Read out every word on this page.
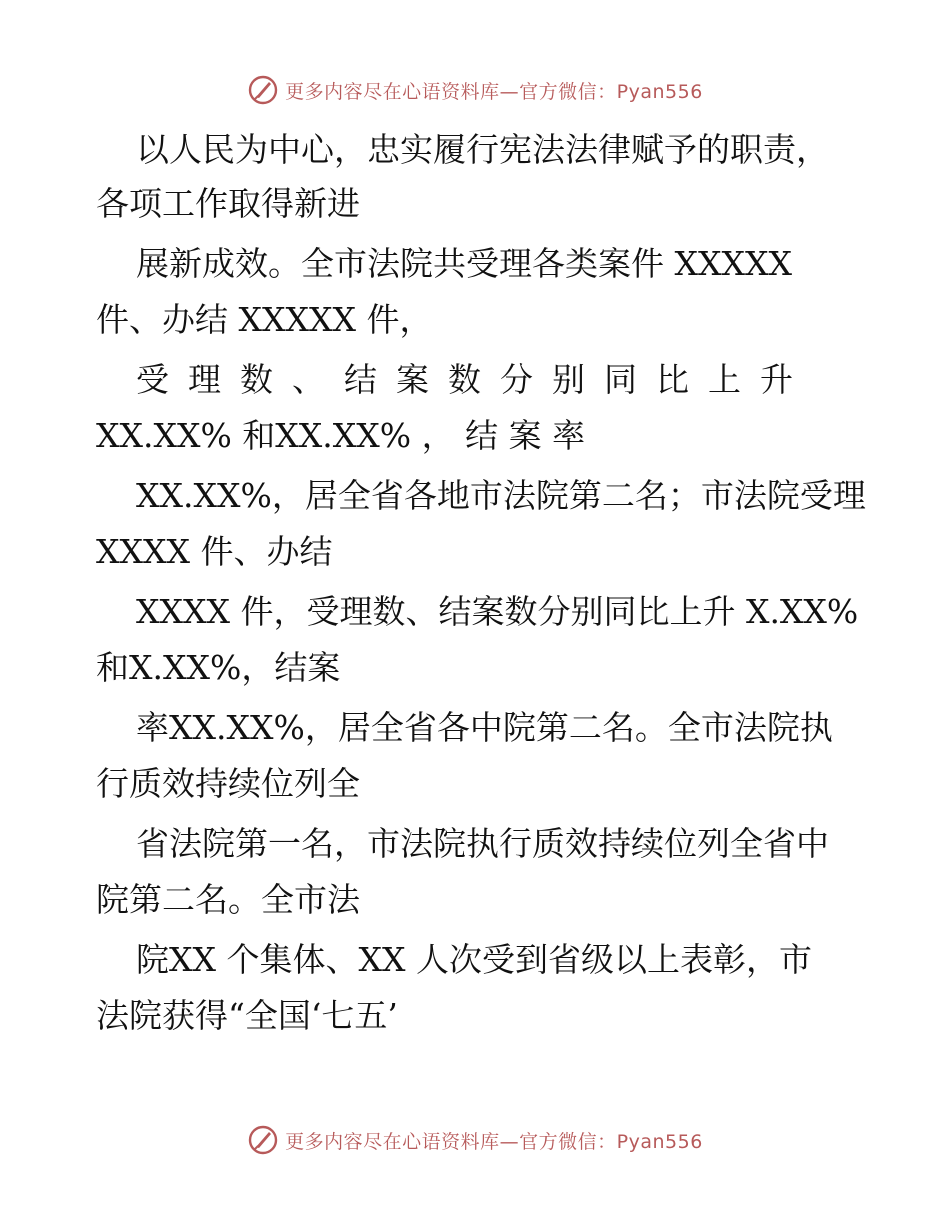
更多内容尽在心语资料库—官方微信：Pyan556
以人民为中心，忠实履行宪法法律赋予的职责，
各项工作取得新进
展新成效。全市法院共受理各类案件 XXXXX
件、办结 XXXXX 件，
受理数、结案数分别同比上升
XX.XX% 和XX.XX% ， 结 案 率
XX.XX%，居全省各地市法院第二名；市法院受理
XXXX 件、办结
XXXX 件，受理数、结案数分别同比上升 X.XX%
和X.XX%，结案
率XX.XX%，居全省各中院第二名。全市法院执
行质效持续位列全
省法院第一名，市法院执行质效持续位列全省中
院第二名。全市法
院XX 个集体、XX 人次受到省级以上表彰，市
法院获得“全国‘七五’
更多内容尽在心语资料库—官方微信：Pyan556
